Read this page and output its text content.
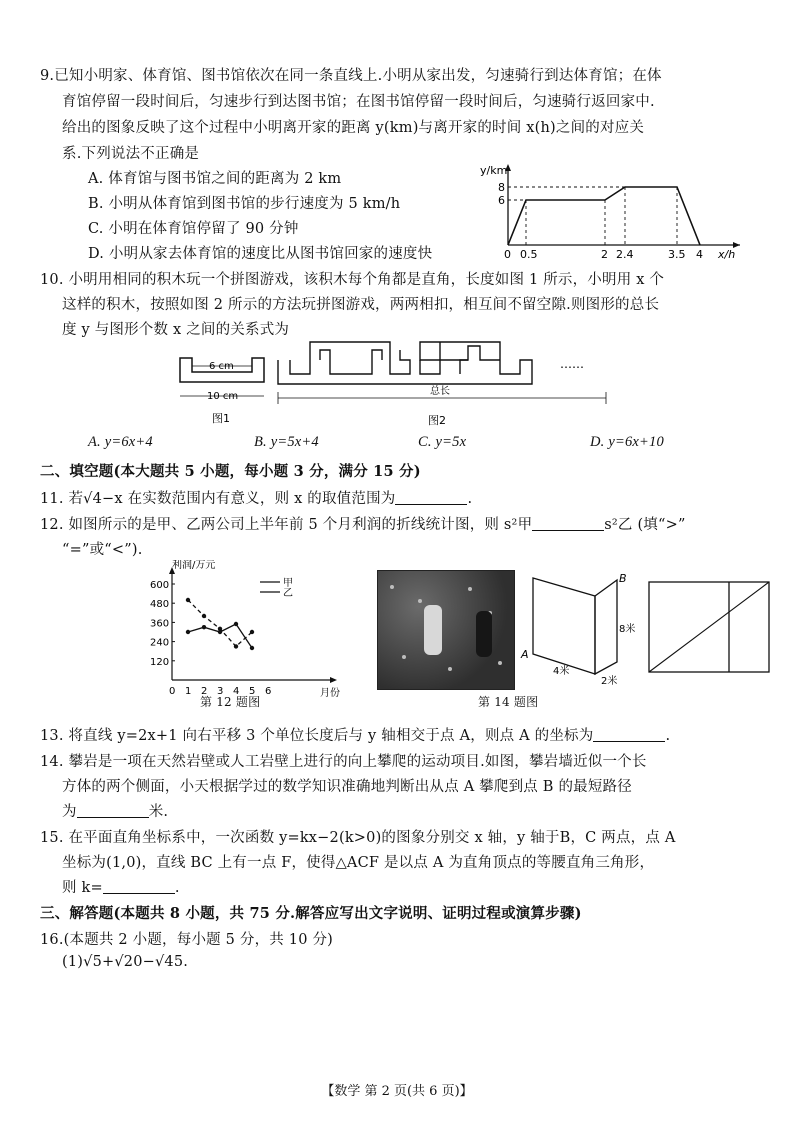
9.已知小明家、体育馆、图书馆依次在同一条直线上.小明从家出发，匀速骑行到达体育馆；在体
育馆停留一段时间后，匀速步行到达图书馆；在图书馆停留一段时间后，匀速骑行返回家中.
给出的图象反映了这个过程中小明离开家的距离 y(km)与离开家的时间 x(h)之间的对应关
系.下列说法不正确是
A. 体育馆与图书馆之间的距离为 2 km
B. 小明从体育馆到图书馆的步行速度为 5 km/h
C. 小明在体育馆停留了 90 分钟
D. 小明从家去体育馆的速度比从图书馆回家的速度快
y/km
x/h
8
6
0 0.5	2 2.4	3.5 4
10. 小明用相同的积木玩一个拼图游戏，该积木每个角都是直角，长度如图 1 所示，小明用 x 个
这样的积木，按照如图 2 所示的方法玩拼图游戏，两两相扣，相互间不留空隙.则图形的总长
度 y 与图形个数 x 之间的关系式为
6 cm
10 cm
图1
……
总长
图2
A. y=6x+4	B. y=5x+4	C. y=5x	D. y=6x+10
二、填空题(本大题共 5 小题，每小题 3 分，满分 15 分)
11. 若√4−x 在实数范围内有意义，则 x 的取值范围为	.
12. 如图所示的是甲、乙两公司上半年前 5 个月利润的折线统计图，则 s²甲	s²乙 (填“>”
“=”或“<”).
利润/万元
月份
600
480
360
240
120
0 1 2 3 4 5 6
甲
乙
A
B
8米
4米
2米
第 12 题图	第 14 题图
13. 将直线 y=2x+1 向右平移 3 个单位长度后与 y 轴相交于点 A，则点 A 的坐标为	.
14. 攀岩是一项在天然岩壁或人工岩壁上进行的向上攀爬的运动项目.如图，攀岩墙近似一个长
方体的两个侧面，小天根据学过的数学知识准确地判断出从点 A 攀爬到点 B 的最短路径
为	米.
15. 在平面直角坐标系中，一次函数 y=kx−2(k>0)的图象分别交 x 轴，y 轴于B，C 两点，点 A
坐标为(1,0)，直线 BC 上有一点 F，使得△ACF 是以点 A 为直角顶点的等腰直角三角形，
则 k=	.
三、解答题(本题共 8 小题，共 75 分.解答应写出文字说明、证明过程或演算步骤)
16.(本题共 2 小题，每小题 5 分，共 10 分)
(1)√5+√20−√45.
【数学 第 2 页(共 6 页)】
